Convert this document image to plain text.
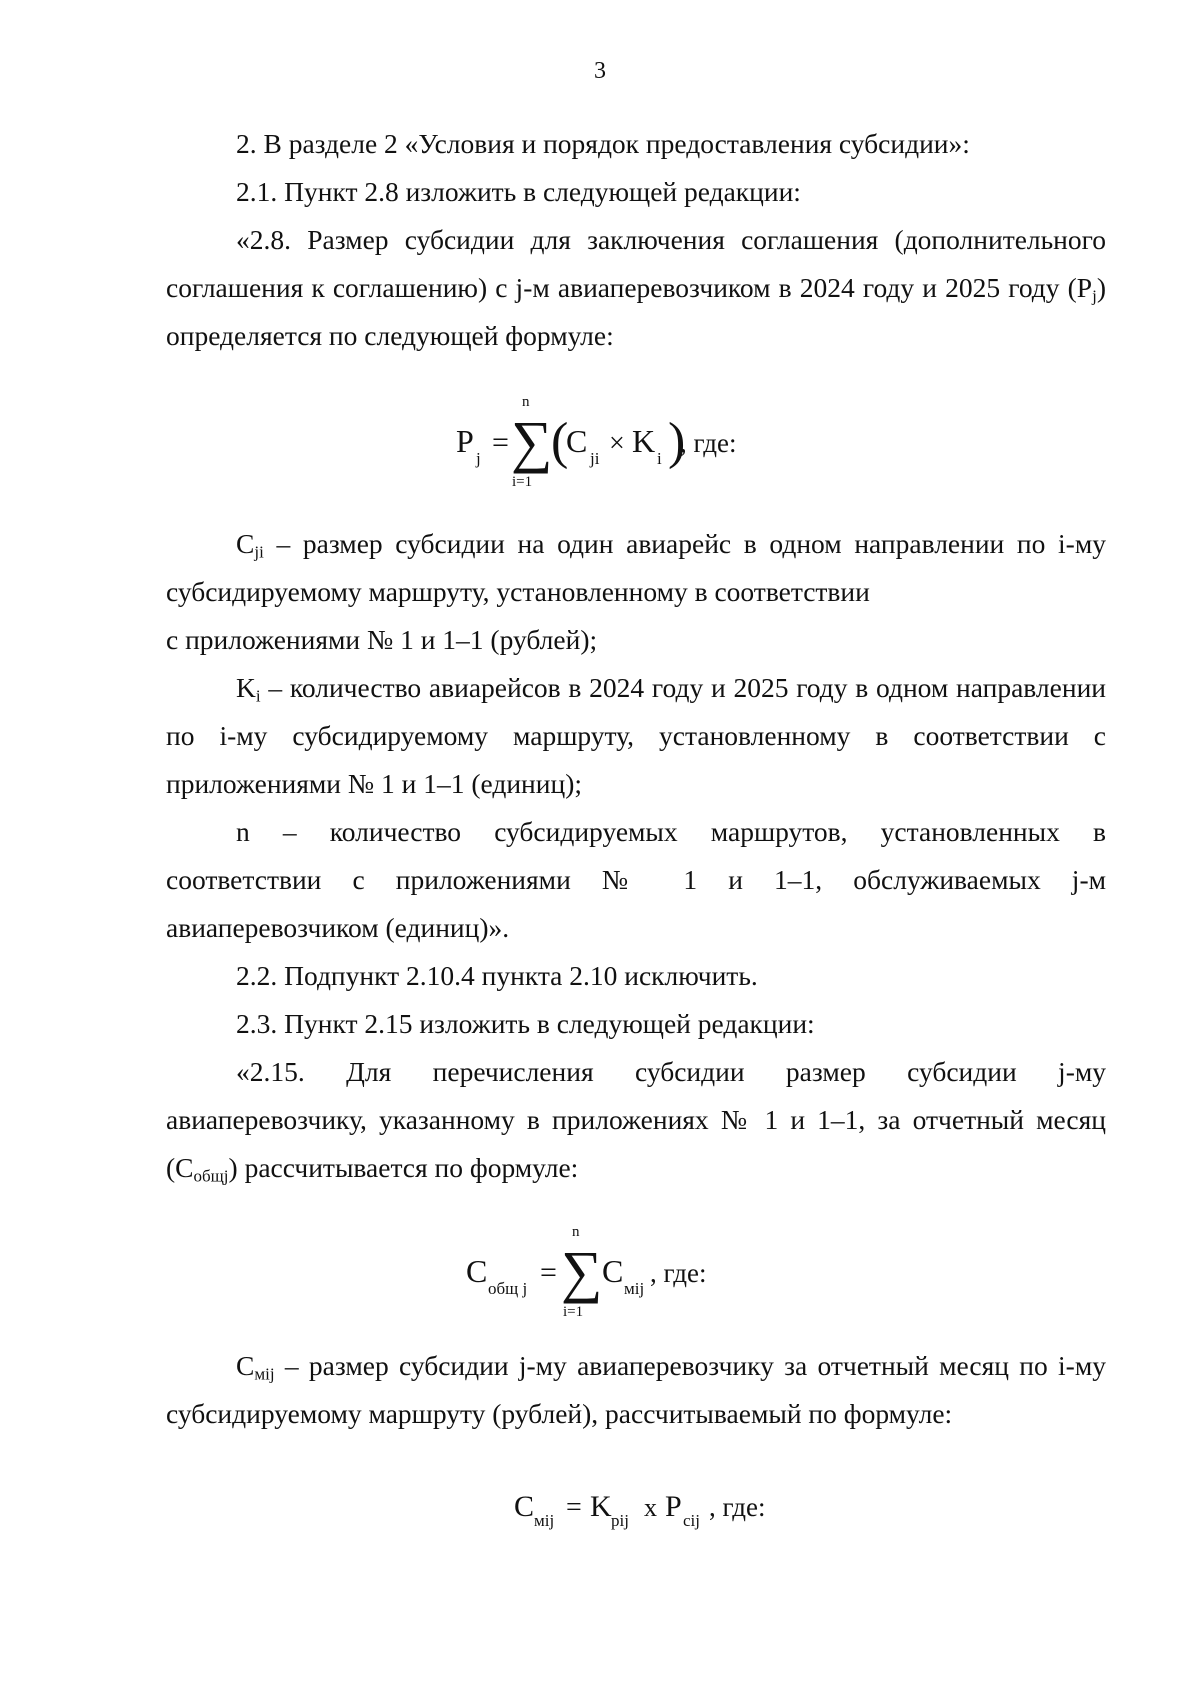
3

2. В разделе 2 «Условия и порядок предоставления субсидии»:

2.1. Пункт 2.8 изложить в следующей редакции:

«2.8. Размер субсидии для заключения соглашения (дополнительного соглашения к соглашению) с j-м авиаперевозчиком в 2024 году и 2025 году $(P_j)$ определяется по следующей формуле:

P j =
n
∑
i=1
(
C ji × K i )
, где:

$C_{ji}$ – размер субсидии на один авиарейс в одном направлении по i-му субсидируемому маршруту, установленному в соответствии

с приложениями № 1 и 1–1 (рублей);

$K_i$ – количество авиарейсов в 2024 году и 2025 году в одном направлении по i-му субсидируемому маршруту, установленному в соответствии с приложениями № 1 и 1–1 (единиц);

n – количество субсидируемых маршрутов, установленных в соответствии с приложениями № 1 и 1–1, обслуживаемых j-м авиаперевозчиком (единиц)».

2.2. Подпункт 2.10.4 пункта 2.10 исключить.

2.3. Пункт 2.15 изложить в следующей редакции:

«2.15. Для перечисления субсидии размер субсидии j-му авиаперевозчику, указанному в приложениях № 1 и 1–1, за отчетный месяц $(C_{общj})$ рассчитывается по формуле:

C общ j =
n
∑
i=1
C мij
, где:

$C_{мij}$ – размер субсидии j-му авиаперевозчику за отчетный месяц по i-му субсидируемому маршруту (рублей), рассчитываемый по формуле:

C мij = K pij x P cij , где:
